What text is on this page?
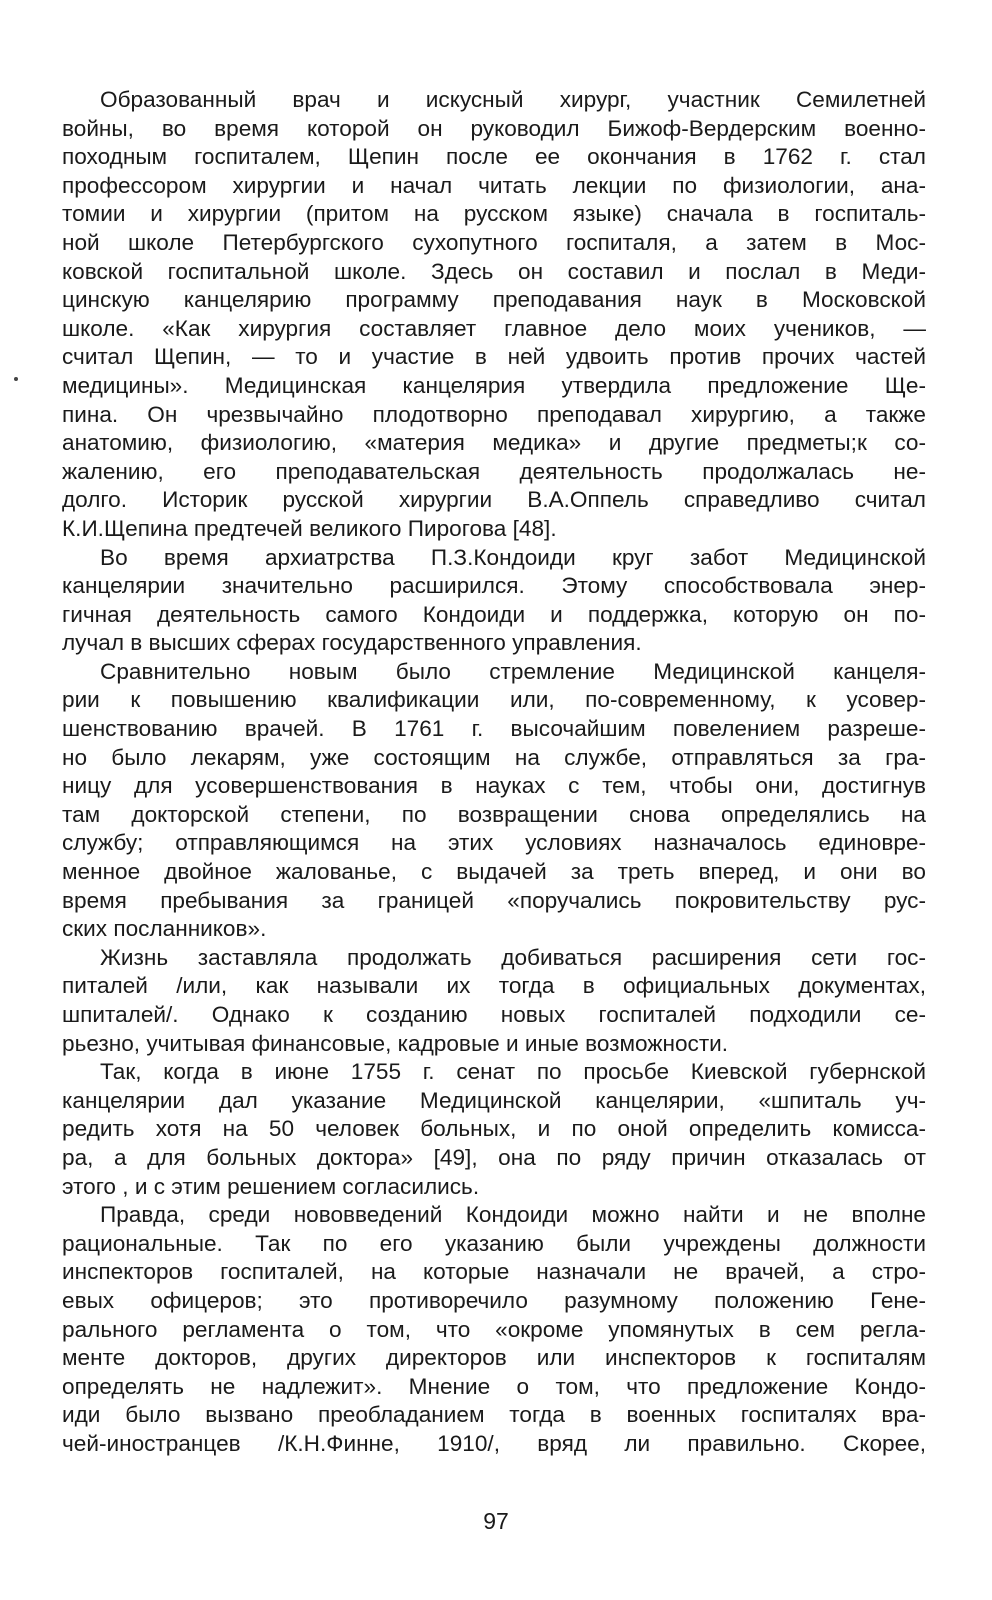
Образованный врач и искусный хирург, участник Семилетней
войны, во время которой он руководил Бижоф-Вердерским военно-
походным госпиталем, Щепин после ее окончания в 1762 г. стал
профессором хирургии и начал читать лекции по физиологии, ана-
томии и хирургии (притом на русском языке) сначала в госпиталь-
ной школе Петербургского сухопутного госпиталя, а затем в Мос-
ковской госпитальной школе. Здесь он составил и послал в Меди-
цинскую канцелярию программу преподавания наук в Московской
школе. «Как хирургия составляет главное дело моих учеников, —
считал Щепин, — то и участие в ней удвоить против прочих частей
медицины». Медицинская канцелярия утвердила предложение Ще-
пина. Он чрезвычайно плодотворно преподавал хирургию, а также
анатомию, физиологию, «материя медика» и другие предметы;к со-
жалению, его преподавательская деятельность продолжалась не-
долго. Историк русской хирургии В.А.Оппель справедливо считал
К.И.Щепина предтечей великого Пирогова [48].
Во время архиатрства П.З.Кондоиди круг забот Медицинской
канцелярии значительно расширился. Этому способствовала энер-
гичная деятельность самого Кондоиди и поддержка, которую он по-
лучал в высших сферах государственного управления.
Сравнительно новым было стремление Медицинской канцеля-
рии к повышению квалификации или, по-современному, к усовер-
шенствованию врачей. В 1761 г. высочайшим повелением разреше-
но было лекарям, уже состоящим на службе, отправляться за гра-
ницу для усовершенствования в науках с тем, чтобы они, достигнув
там докторской степени, по возвращении снова определялись на
службу; отправляющимся на этих условиях назначалось единовре-
менное двойное жалованье, с выдачей за треть вперед, и они во
время пребывания за границей «поручались покровительству рус-
ских посланников».
Жизнь заставляла продолжать добиваться расширения сети гос-
питалей /или, как называли их тогда в официальных документах,
шпиталей/. Однако к созданию новых госпиталей подходили се-
рьезно, учитывая финансовые, кадровые и иные возможности.
Так, когда в июне 1755 г. сенат по просьбе Киевской губернской
канцелярии дал указание Медицинской канцелярии, «шпиталь уч-
редить хотя на 50 человек больных, и по оной определить комисса-
ра, а для больных доктора» [49], она по ряду причин отказалась от
этого , и с этим решением согласились.
Правда, среди нововведений Кондоиди можно найти и не вполне
рациональные. Так по его указанию были учреждены должности
инспекторов госпиталей, на которые назначали не врачей, а стро-
евых офицеров; это противоречило разумному положению Гене-
рального регламента о том, что «окроме упомянутых в сем регла-
менте докторов, других директоров или инспекторов к госпиталям
определять не надлежит». Мнение о том, что предложение Кондо-
иди было вызвано преобладанием тогда в военных госпиталях вра-
чей-иностранцев /К.Н.Финне, 1910/, вряд ли правильно. Скорее,
97
